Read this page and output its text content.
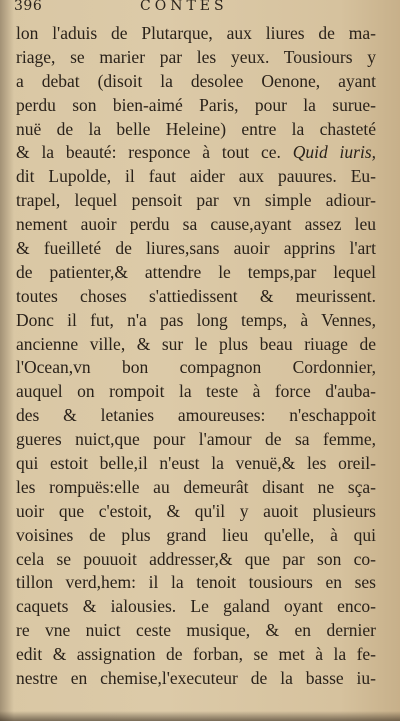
396	CONTES
lon l'aduis de Plutarque, aux liures de ma-
riage, se marier par les yeux. Tousiours y
a debat (disoit la desolee Oenone, ayant
perdu son bien-aimé Paris, pour la surue-
nuë de la belle Heleine) entre la chasteté
& la beauté: responce à tout ce. Quid iuris,
dit Lupolde, il faut aider aux pauures. Eu-
trapel, lequel pensoit par vn simple adiour-
nement auoir perdu sa cause,ayant assez leu
& fueilleté de liures,sans auoir apprins l'art
de patienter,& attendre le temps,par lequel
toutes choses s'attiedissent & meurissent.
Donc il fut, n'a pas long temps, à Vennes,
ancienne ville, & sur le plus beau riuage de
l'Ocean,vn bon compagnon Cordonnier,
auquel on rompoit la teste à force d'auba-
des & letanies amoureuses: n'eschappoit
gueres nuict,que pour l'amour de sa femme,
qui estoit belle,il n'eust la venuë,& les oreil-
les rompuës:elle au demeurât disant ne sça-
uoir que c'estoit, & qu'il y auoit plusieurs
voisines de plus grand lieu qu'elle, à qui
cela se pouuoit addresser,& que par son co-
tillon verd,hem: il la tenoit tousiours en ses
caquets & ialousies. Le galand oyant enco-
re vne nuict ceste musique, & en dernier
edit & assignation de forban, se met à la fe-
nestre en chemise,l'executeur de la basse iu-
